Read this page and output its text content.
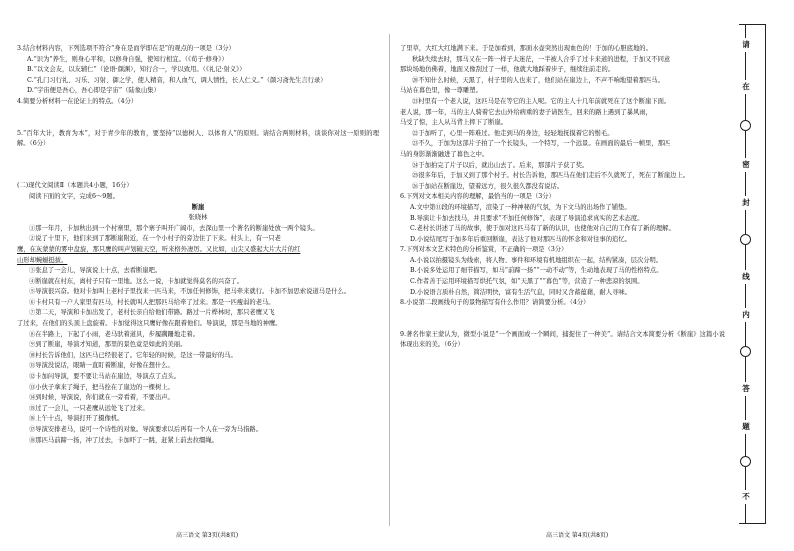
3.结合材料内容，下列选项不符合“身在是而学即在是”的观点的一项是（3分）

A.“识为”养生，则身心平和，以修身自强，使知行相宜。（《荀子·修身》）

B.“以文会友，以友辅仁”（论语·颜渊），知行合一，学以致用。（《礼记·射义》）

C.“孔门习行礼、习乐、习射、御之学，使人精音，和人血气，调人情性，长人仁义。”（颜习斋先生言行录）

D.“宇宙便是吾心，吾心即是宇宙”（陆象山集）

4.简要分析材料一在论证上的特点。（4分）

5.“百年大计，教育为本”，对于青少年的教育，要坚持“以德树人、以体育人”的原则。请结合两则材料，谈谈你对这一原则的理解。（6分）

(二)现代文阅读Ⅱ（本题共4小题，16分）

阅读下面的文字，完成6～9题。

断崖

张晓林

①那一年月，卡加秋出到一个村寨里，那个寨子叫开广阔市，去深山里一个著名的断崖处放一两个镜头。

②说了十里下，他们来到了那断崖附近，在一个小村子的旁边住了下来。村头上，有一只老

鹰，在灰蒙蒙的雾中盘旋，那只鹰的叫声划破天空，听来格外凄厉。又比如，山尖又盛起大片大片的红

山形却蜿蜒挺拔。

③张息了一会儿，导演说上十点，去看断崖吧。

④断崖就在村东，离村子只有一里地。这么一说，卡加就觉得莫名的兴奋了。

⑤导演很兴奋。他对卡加叫上老村子里找来一匹马来，不加任何修饰，把马牵来就行。卡加不加思索说道马是什么。

⑥卡村只有一户人家里有匹马，村长就叫人把那匹马给牵了过来。那是一匹瘦弱的老马。

⑦第二天，导演和卡加出发了，老村长亲自给他们带路。路过一片桦林时，那只老鹰又飞

了过来，在他们的头顶上盘旋着。卡加觉得这只鹰好像在跟着他们。导演说，那是当地的神鹰。

⑧在半路上，下起了小雨，老马驮着道具，步履蹒跚地走着。

⑨到了断崖，导演才知道，那里的景色竟是如此的美丽。

⑩村长告诉他们，这匹马已经很老了。它年轻的时候，是这一带最好的马。

⑪导演没说话，眼睛一直盯着断崖，好像在想什么。

⑫卡加问导演，要不要让马站在崖边，导演点了点头。

⑬小伙子拿来了绳子，把马拴在了崖边的一棵树上。

⑭到时候，导演说，你们就在一旁看着，不要出声。

⑮过了一会儿，一只老鹰从远处飞了过来。

⑯上午十点，导演打开了摄像机。

⑰导演安排老马，说可一个诗性的对象。导演要求以后再有一个人在一旁为马指路。

⑱那匹马前蹄一扬，冲了过去，卡加吓了一跳，赶紧上前去拉缰绳。

了里草，大红大红地满下来。于是加看到，那面水壶突然出现血色的！于加的心胆底地的。

秋缺失续去时，那马又在一阵一样子太迷茫，一半被人合乎了过卡来道的进程，于加又不同意

那块场地仿佛着，地面又像刮过了一样，他就大地踩着步子，继续往前走的。

⑳不知什么时候，天黑了，村子里的人也来了，他们站在崖边上，不声不响地望着那匹马。

马站在暮色里，像一尊雕塑。

㉑村里有一个老人说，这匹马是在等它的主人呢。它的主人十几年前就死在了这个断崖下面。

老人说，那一年，马的主人骑着它去山外给病重的妻子请医生，回来的路上遇到了暴风雨，

马受了惊，主人从马背上摔下了断崖。

㉒于加听了，心里一阵难过。他走到马的身边，轻轻地抚摸着它的鬃毛。

㉓不久，于加为这部片子拍了一个长镜头，一个特写，一个远景。在画面的最后一帧里，那匹

马的身影渐渐融进了暮色之中。

㉔于加拍完了片子以后，就出山去了。后来，那部片子获了奖。

㉕很多年后，于加又到了那个村子。村长告诉他，那匹马在他们走后不久就死了，死在了断崖边上。

㉖于加站在断崖边，望着远方，很久很久都没有说话。

6.下列对文本相关内容的理解，最恰当的一项是（3分）

A.文中第⑪段的环境描写，渲染了一种神秘的气氛，为下文马的出场作了铺垫。

B.导演让卡加去找马，并且要求“不加任何修饰”，表现了导演追求真实的艺术态度。

C.老村长讲述了马的故事，使于加对这匹马有了新的认识，也使他对自己的工作有了新的理解。

D.小说结尾写于加多年后重回断崖，表达了他对那匹马的怀念和对往事的追忆。

7.下列对本文艺术特色的分析鉴赏，不正确的一项是（3分）

A.小说以拍摄镜头为线索，将人物、事件和环境有机地组织在一起，结构紧凑，层次分明。

B.小说多处运用了细节描写，如马“前蹄一扬”“一动不动”等，生动地表现了马的性格特点。

C.作者善于运用环境描写烘托气氛，如“天黑了”“暮色”等，营造了一种悲凉的氛围。

D.小说语言质朴自然，简洁明快，富有生活气息，同时又含蓄蕴藉，耐人寻味。

8.小说第二段画线句子的景物描写有什么作用？请简要分析。（4分）

9.著名作家王蒙认为，微型小说是“一个画面或一个瞬间，捕捉住了一种美”。请结合文本简要分析《断崖》这篇小说体现出来的美。（6分）

高三语文 第3页(共8页)	高三语文 第4页(共8页)
请
在
密
封
线
内
答
题
不
